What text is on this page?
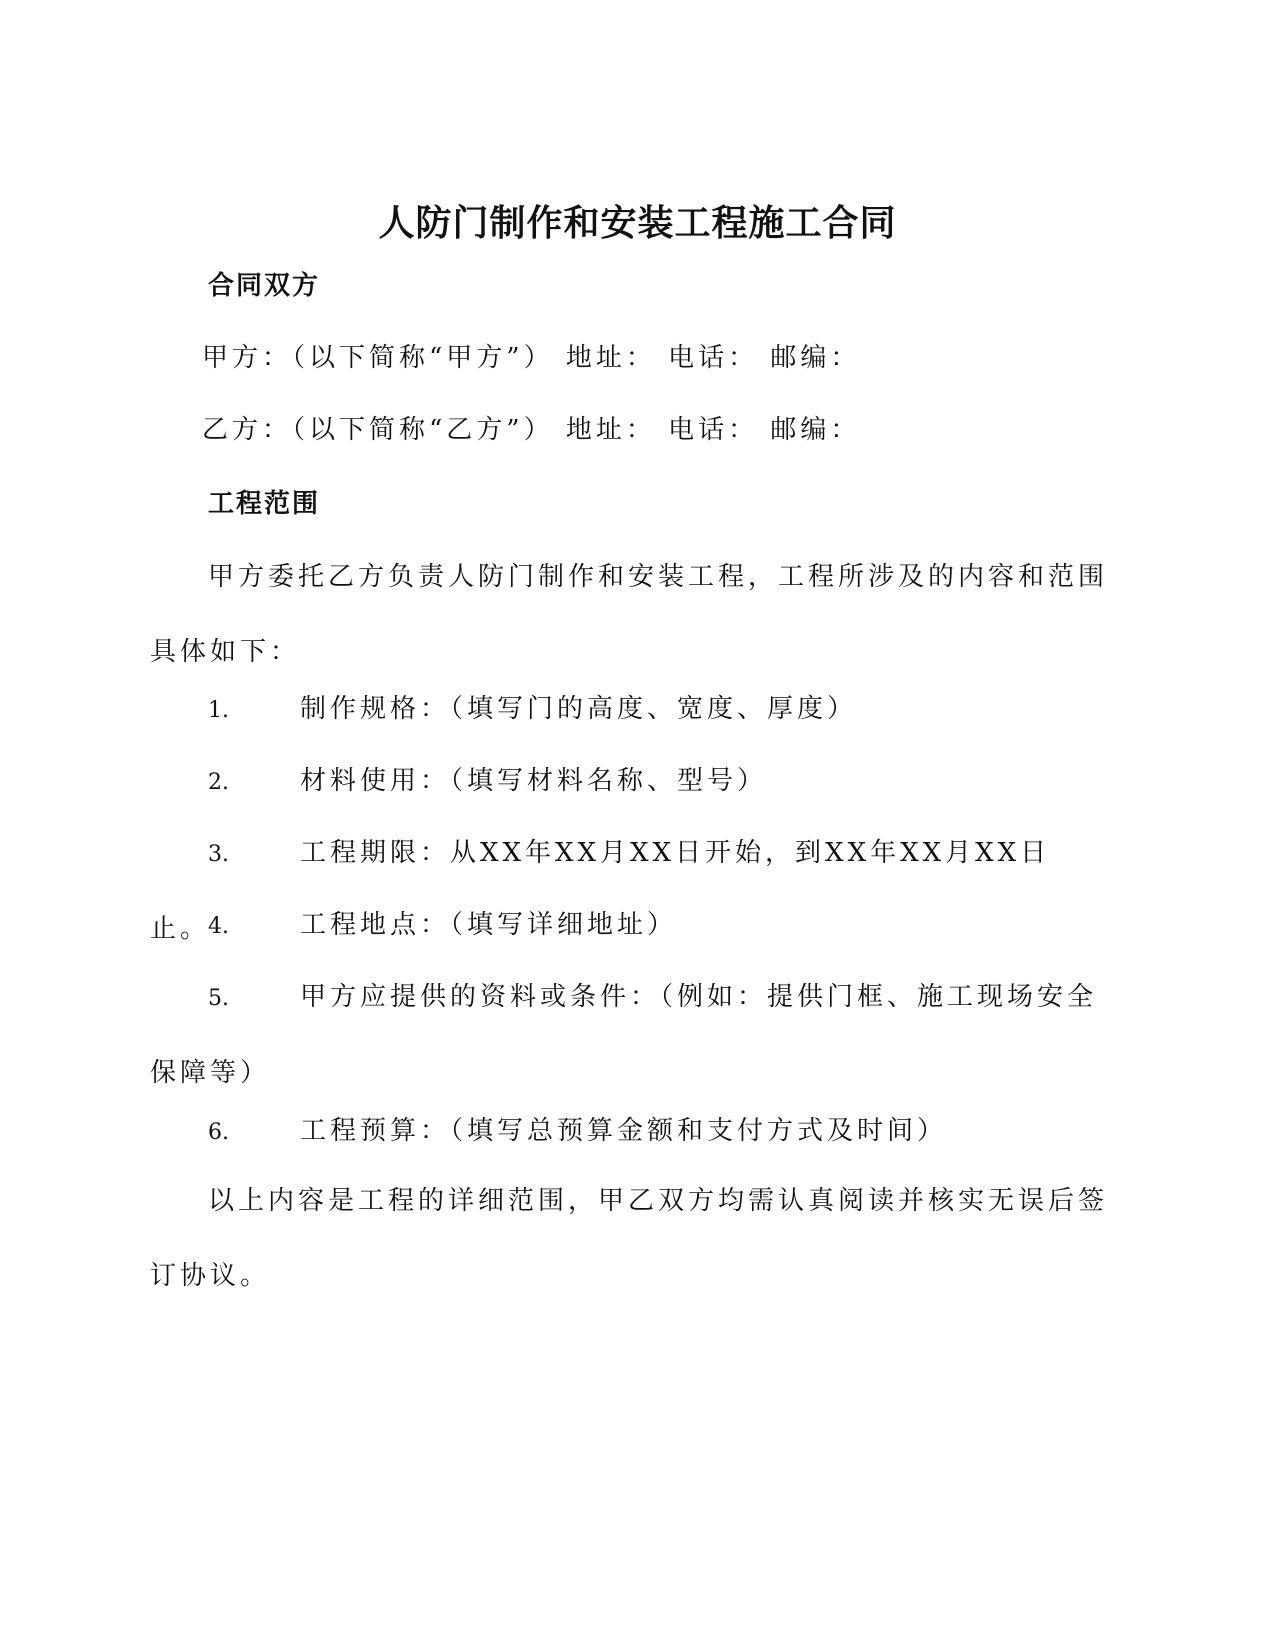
人防门制作和安装工程施工合同
合同双方
甲方：（以下简称“甲方”） 地址： 电话： 邮编：
乙方：（以下简称“乙方”） 地址： 电话： 邮编：
工程范围
甲方委托乙方负责人防门制作和安装工程，工程所涉及的内容和范围具体如下：
1.	制作规格：（填写门的高度、宽度、厚度）
2.	材料使用：（填写材料名称、型号）
3.	工程期限：从XX年XX月XX日开始，到XX年XX月XX日止。
4.	工程地点：（填写详细地址）
5.	甲方应提供的资料或条件：（例如：提供门框、施工现场安全保障等）
6.	工程预算：（填写总预算金额和支付方式及时间）
以上内容是工程的详细范围，甲乙双方均需认真阅读并核实无误后签订协议。
